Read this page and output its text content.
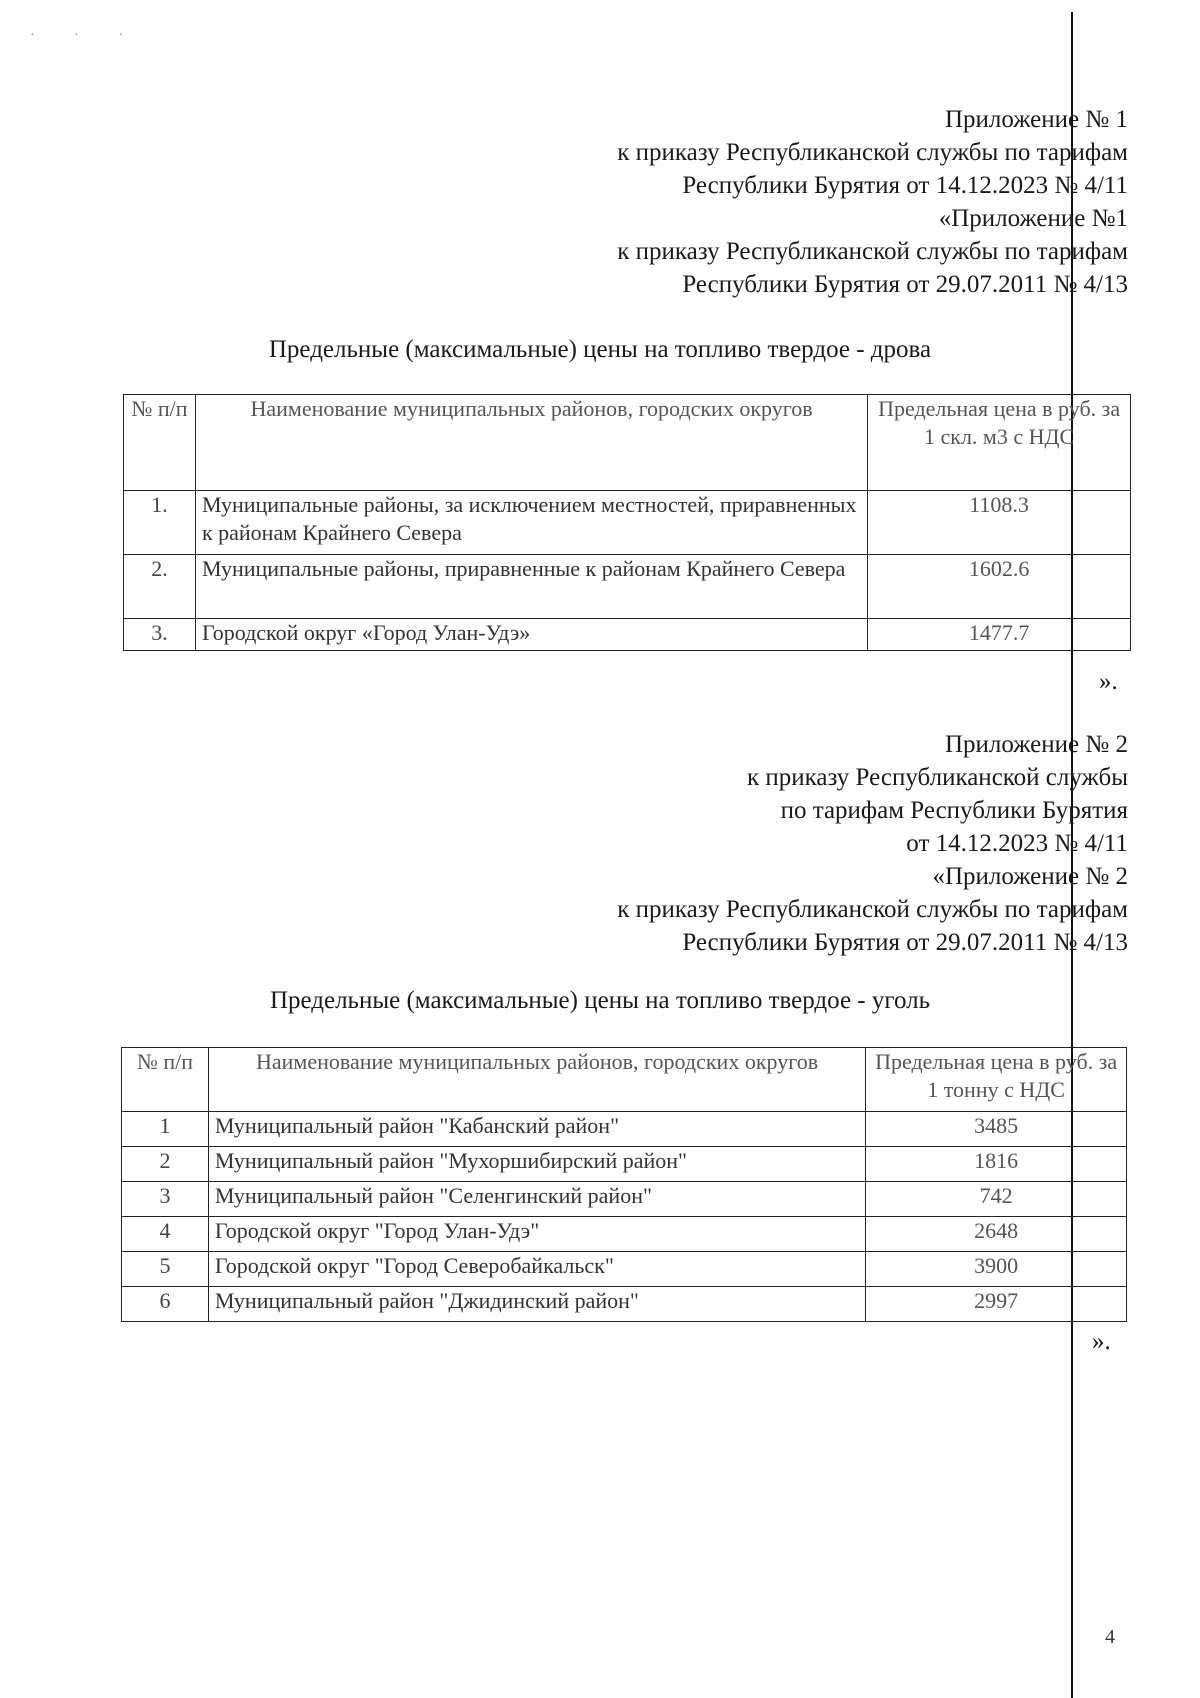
· · ·
Приложение № 1
к приказу Республиканской службы по тарифам
Республики Бурятия от 14.12.2023 № 4/11
«Приложение №1
к приказу Республиканской службы по тарифам
Республики Бурятия от 29.07.2011 № 4/13
Предельные (максимальные) цены на топливо твердое - дрова
№ п/п	Наименование муниципальных районов, городских округов	Предельная цена в руб. за 1 скл. м3 с НДС
1.	Муниципальные районы, за исключением местностей, приравненных к районам Крайнего Севера	1108.3
2.	Муниципальные районы, приравненные к районам Крайнего Севера	1602.6
3.	Городской округ «Город Улан-Удэ»	1477.7
».
Приложение № 2
к приказу Республиканской службы
по тарифам Республики Бурятия
от 14.12.2023 № 4/11
«Приложение № 2
к приказу Республиканской службы по тарифам
Республики Бурятия от 29.07.2011 № 4/13
Предельные (максимальные) цены на топливо твердое - уголь
№ п/п	Наименование муниципальных районов, городских округов	Предельная цена в руб. за 1 тонну с НДС
1	Муниципальный район "Кабанский район"	3485
2	Муниципальный район "Мухоршибирский район"	1816
3	Муниципальный район "Селенгинский район"	742
4	Городской округ "Город Улан-Удэ"	2648
5	Городской округ "Город Северобайкальск"	3900
6	Муниципальный район "Джидинский район"	2997
».
4
